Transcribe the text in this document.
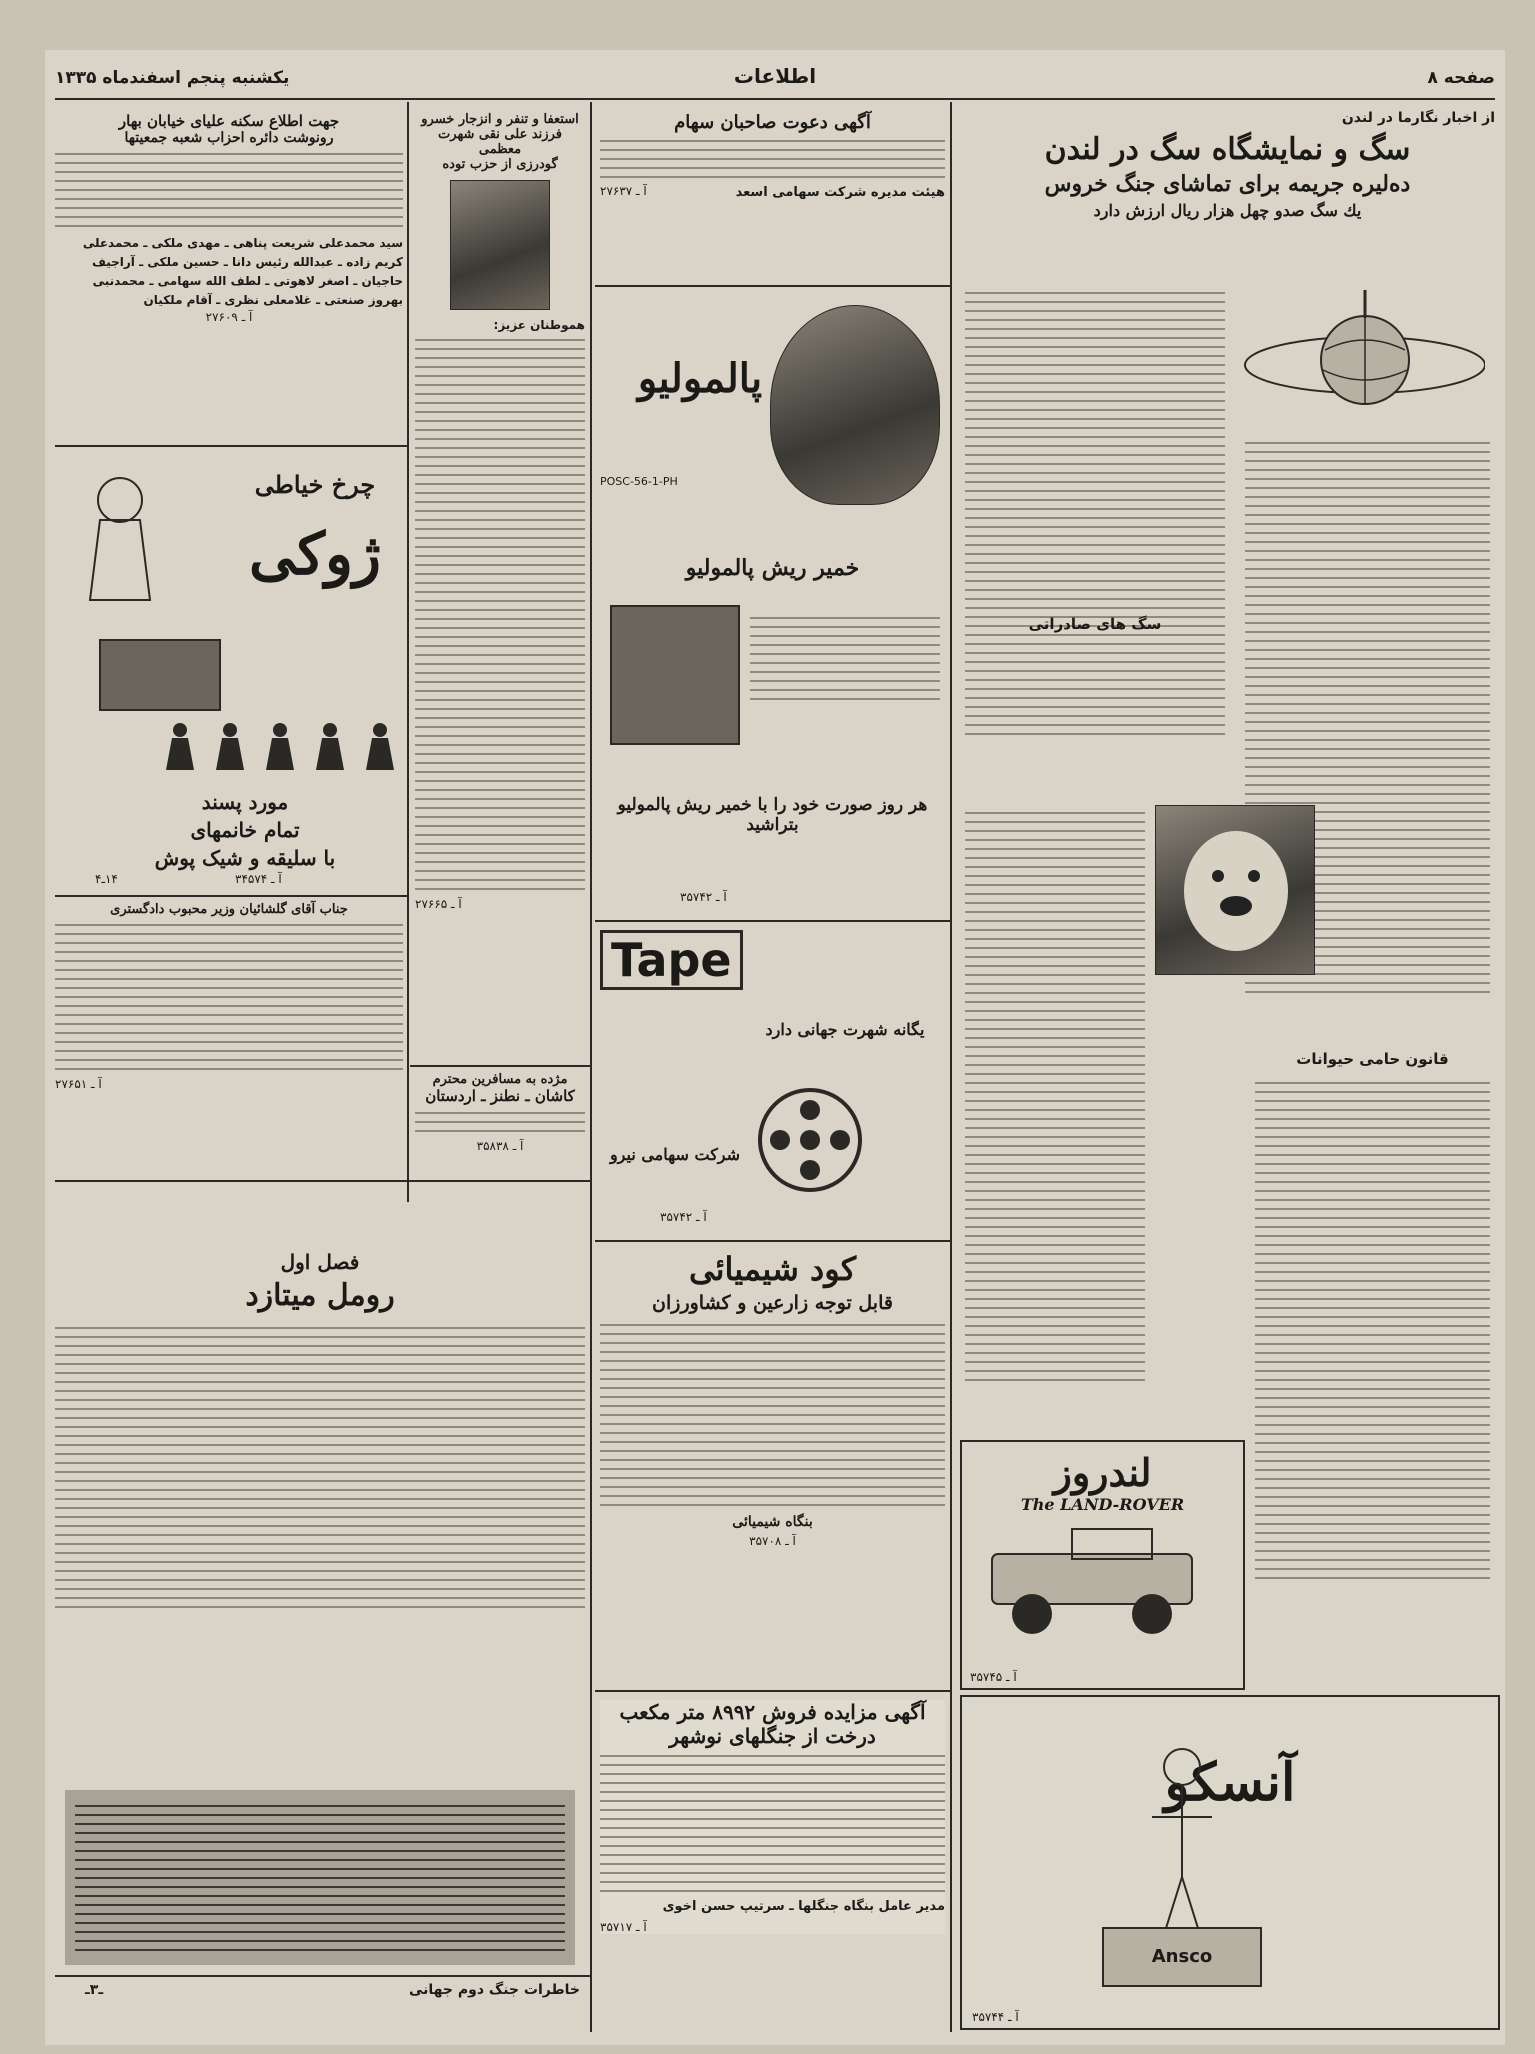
صفحه ۸
اطلاعات
یکشنبه پنجم اسفندماه ۱۳۳۵
از اخبار نگارما در لندن
سگ و نمایشگاه سگ در لندن
دەلیره جریمه برای تماشای جنگ خروس
یك سگ صدو چهل هزار ریال ارزش دارد
سگ های صادراتی
قانون حامی حیوانات
لندروز
The LAND-ROVER
آ ـ ۳۵۷۴۵
آنسکو
Ansco
آ ـ ۳۵۷۴۴
آگهی دعوت صاحبان سهام
هیئت مدیره شرکت سهامی اسعد
آ ـ ۲۷۶۳۷
پالمولیو
POSC-56-1-PH
خمیر ریش پالمولیو
هر روز صورت خود را با خمیر ریش پالمولیو بتراشید
آ ـ ۳۵۷۴۲
Tape
یگانه شهرت جهانی دارد
شرکت سهامی نیرو
آ ـ ۳۵۷۴۲
کود شیمیائی
قابل توجه زارعین و کشاورزان
بنگاه شیمیائی
آ ـ ۳۵۷۰۸
آگهی مزایده فروش ۸۹۹۲ متر مکعب
درخت از جنگلهای نوشهر
مدیر عامل بنگاه جنگلها ـ سرتیپ حسن اخوی
آ ـ ۳۵۷۱۷
استعفا و تنفر و انزجار خسرو
فرزند علی نقی شهرت معظمی
گودرزی از حزب توده
هموطنان عزیز:
آ ـ ۲۷۶۶۵
مژده به مسافرین محترم
کاشان ـ نطنز ـ اردستان
آ ـ ۳۵۸۳۸
جهت اطلاع سکنه علیای خیابان بهار
رونوشت دائره احزاب شعبه جمعیتها
سید محمدعلی شریعت پناهی ـ مهدی ملکی ـ محمدعلی
کریم زاده ـ عبدالله رئیس دانا ـ حسین ملکی ـ آراجیف
حاجیان ـ اصغر لاهوتی ـ لطف الله سهامی ـ محمدنبی
بهروز صنعتی ـ غلامعلی نظری ـ آقام ملکیان
آ ـ ۲۷۶۰۹
چرخ خیاطی
ژوکی
مورد پسند
تمام خانمهای
با سلیقه و شیک پوش
آ ـ ۳۴۵۷۴
۱۴ـ۴
جناب آقای گلشائیان وزیر محبوب دادگستری
آ ـ ۲۷۶۵۱
فصل اول
رومل میتازد
خاطرات جنگ دوم جهانی
ـ۳ـ
